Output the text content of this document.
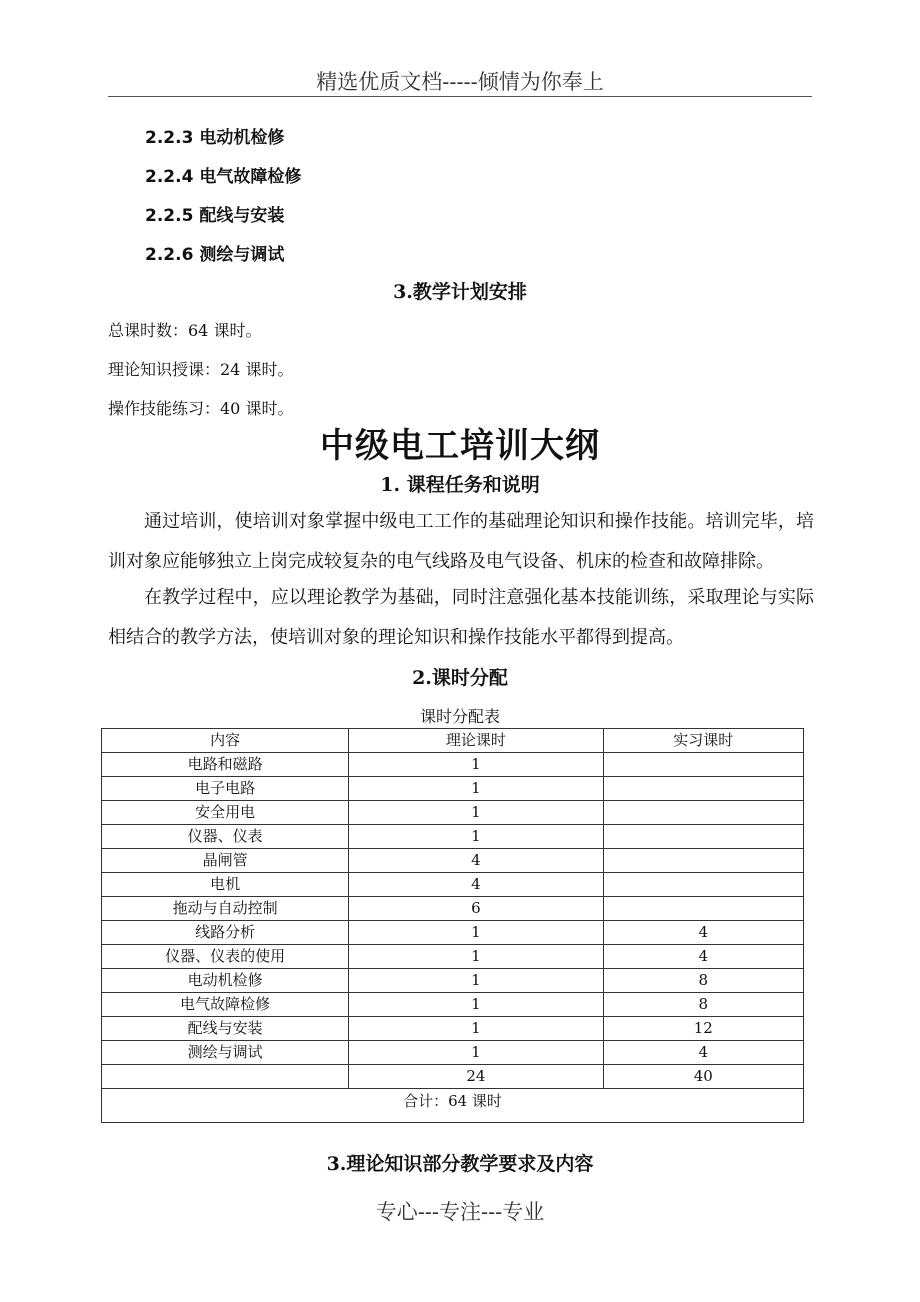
精选优质文档-----倾情为你奉上
2.2.3 电动机检修
2.2.4 电气故障检修
2.2.5 配线与安装
2.2.6 测绘与调试
3.教学计划安排
总课时数：64 课时。
理论知识授课：24 课时。
操作技能练习：40 课时。
中级电工培训大纲
1. 课程任务和说明
通过培训，使培训对象掌握中级电工工作的基础理论知识和操作技能。培训完毕，培训对象应能够独立上岗完成较复杂的电气线路及电气设备、机床的检查和故障排除。
在教学过程中，应以理论教学为基础，同时注意强化基本技能训练，采取理论与实际相结合的教学方法，使培训对象的理论知识和操作技能水平都得到提高。
2.课时分配
课时分配表
内容	理论课时	实习课时
电路和磁路	1	
电子电路	1	
安全用电	1	
仪器、仪表	1	
晶闸管	4	
电机	4	
拖动与自动控制	6	
线路分析	1	4
仪器、仪表的使用	1	4
电动机检修	1	8
电气故障检修	1	8
配线与安装	1	12
测绘与调试	1	4
	24	40
合计：64 课时		
3.理论知识部分教学要求及内容
专心---专注---专业
